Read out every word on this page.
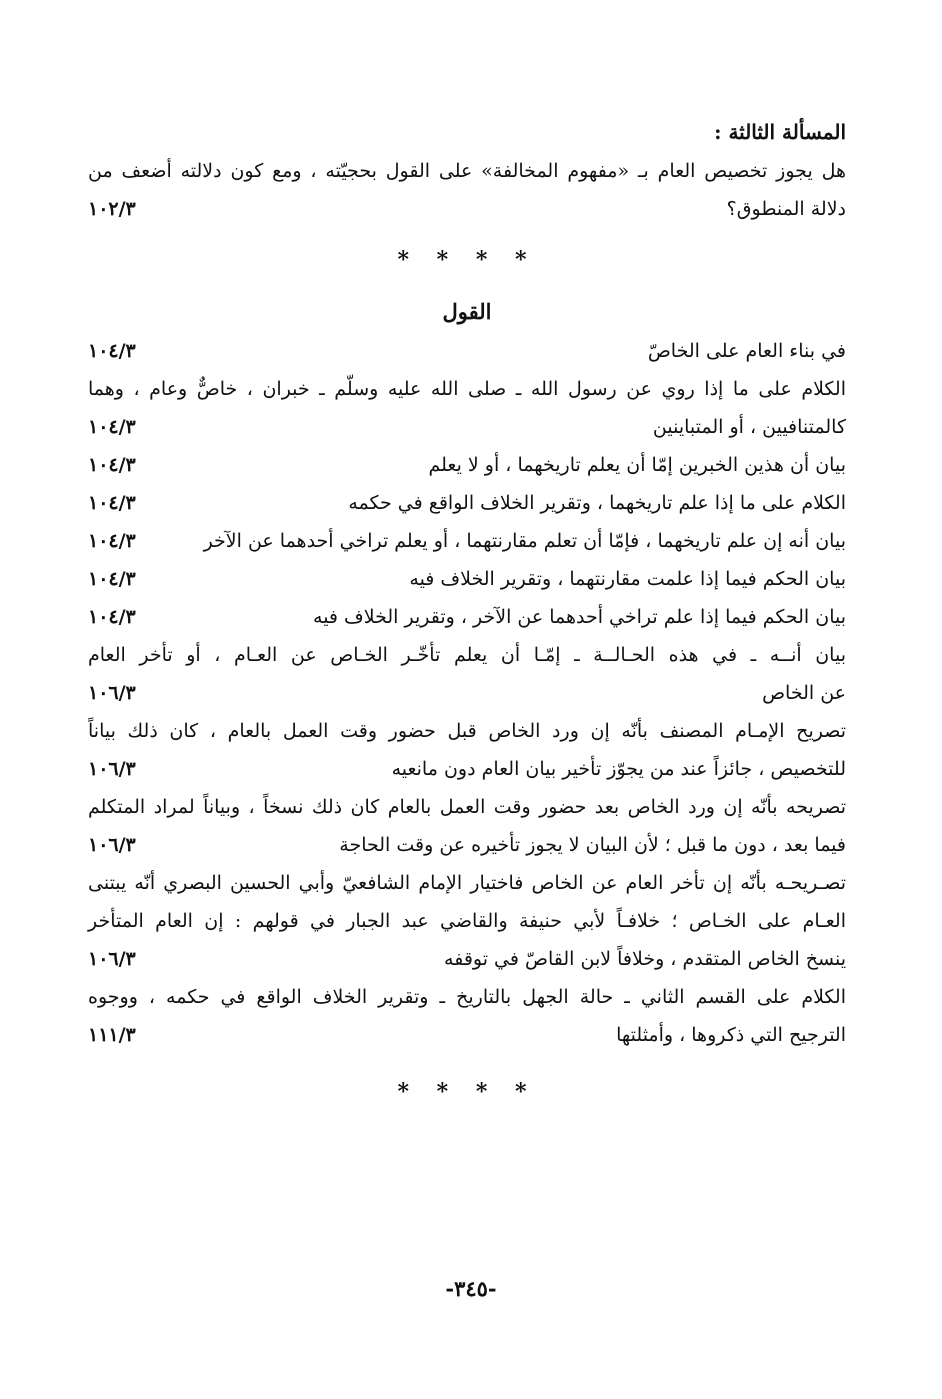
المسألة الثالثة :
هل يجوز تخصيص العام بـ «مفهوم المخالفة» على القول بحجيّته ، ومع كون دلالته أضعف من
دلالة المنطوق؟
١٠٢/٣
* * * *
القول
في بناء العام على الخاصّ
١٠٤/٣
الكلام على ما إذا روي عن رسول الله ـ صلى الله عليه وسلّم ـ خبران ، خاصٌّ وعام ، وهما
كالمتنافيين ، أو المتباينين
١٠٤/٣
بيان أن هذين الخبرين إمّا أن يعلم تاريخهما ، أو لا يعلم
١٠٤/٣
الكلام على ما إذا علم تاريخهما ، وتقرير الخلاف الواقع في حكمه
١٠٤/٣
بيان أنه إن علم تاريخهما ، فإمّا أن تعلم مقارنتهما ، أو يعلم تراخي أحدهما عن الآخر
١٠٤/٣
بيان الحكم فيما إذا علمت مقارنتهما ، وتقرير الخلاف فيه
١٠٤/٣
بيان الحكم فيما إذا علم تراخي أحدهما عن الآخر ، وتقرير الخلاف فيه
١٠٤/٣
بيان أنــه ـ في هذه الحـالــة ـ إمّـا أن يعلم تأخّـر الخـاص عن العـام ، أو تأخر العام
عن الخاص
١٠٦/٣
تصريح الإمـام المصنف بأنّه إن ورد الخاص قبل حضور وقت العمل بالعام ، كان ذلك بياناً
للتخصيص ، جائزاً عند من يجوّز تأخير بيان العام دون مانعيه
١٠٦/٣
تصريحه بأنّه إن ورد الخاص بعد حضور وقت العمل بالعام كان ذلك نسخاً ، وبياناً لمراد المتكلم
فيما بعد ، دون ما قبل ؛ لأن البيان لا يجوز تأخيره عن وقت الحاجة
١٠٦/٣
تصـريحـه بأنّه إن تأخر العام عن الخاص فاختيار الإمام الشافعيّ وأبي الحسين البصري أنّه يبتنى
العـام على الخـاص ؛ خلافـاً لأبي حنيفة والقاضي عبد الجبار في قولهم : إن العام المتأخر
ينسخ الخاص المتقدم ، وخلافاً لابن القاصّ في توقفه
١٠٦/٣
الكلام على القسم الثاني ـ حالة الجهل بالتاريخ ـ وتقرير الخلاف الواقع في حكمه ، ووجوه
الترجيح التي ذكروها ، وأمثلتها
١١١/٣
* * * *
-٣٤٥-
